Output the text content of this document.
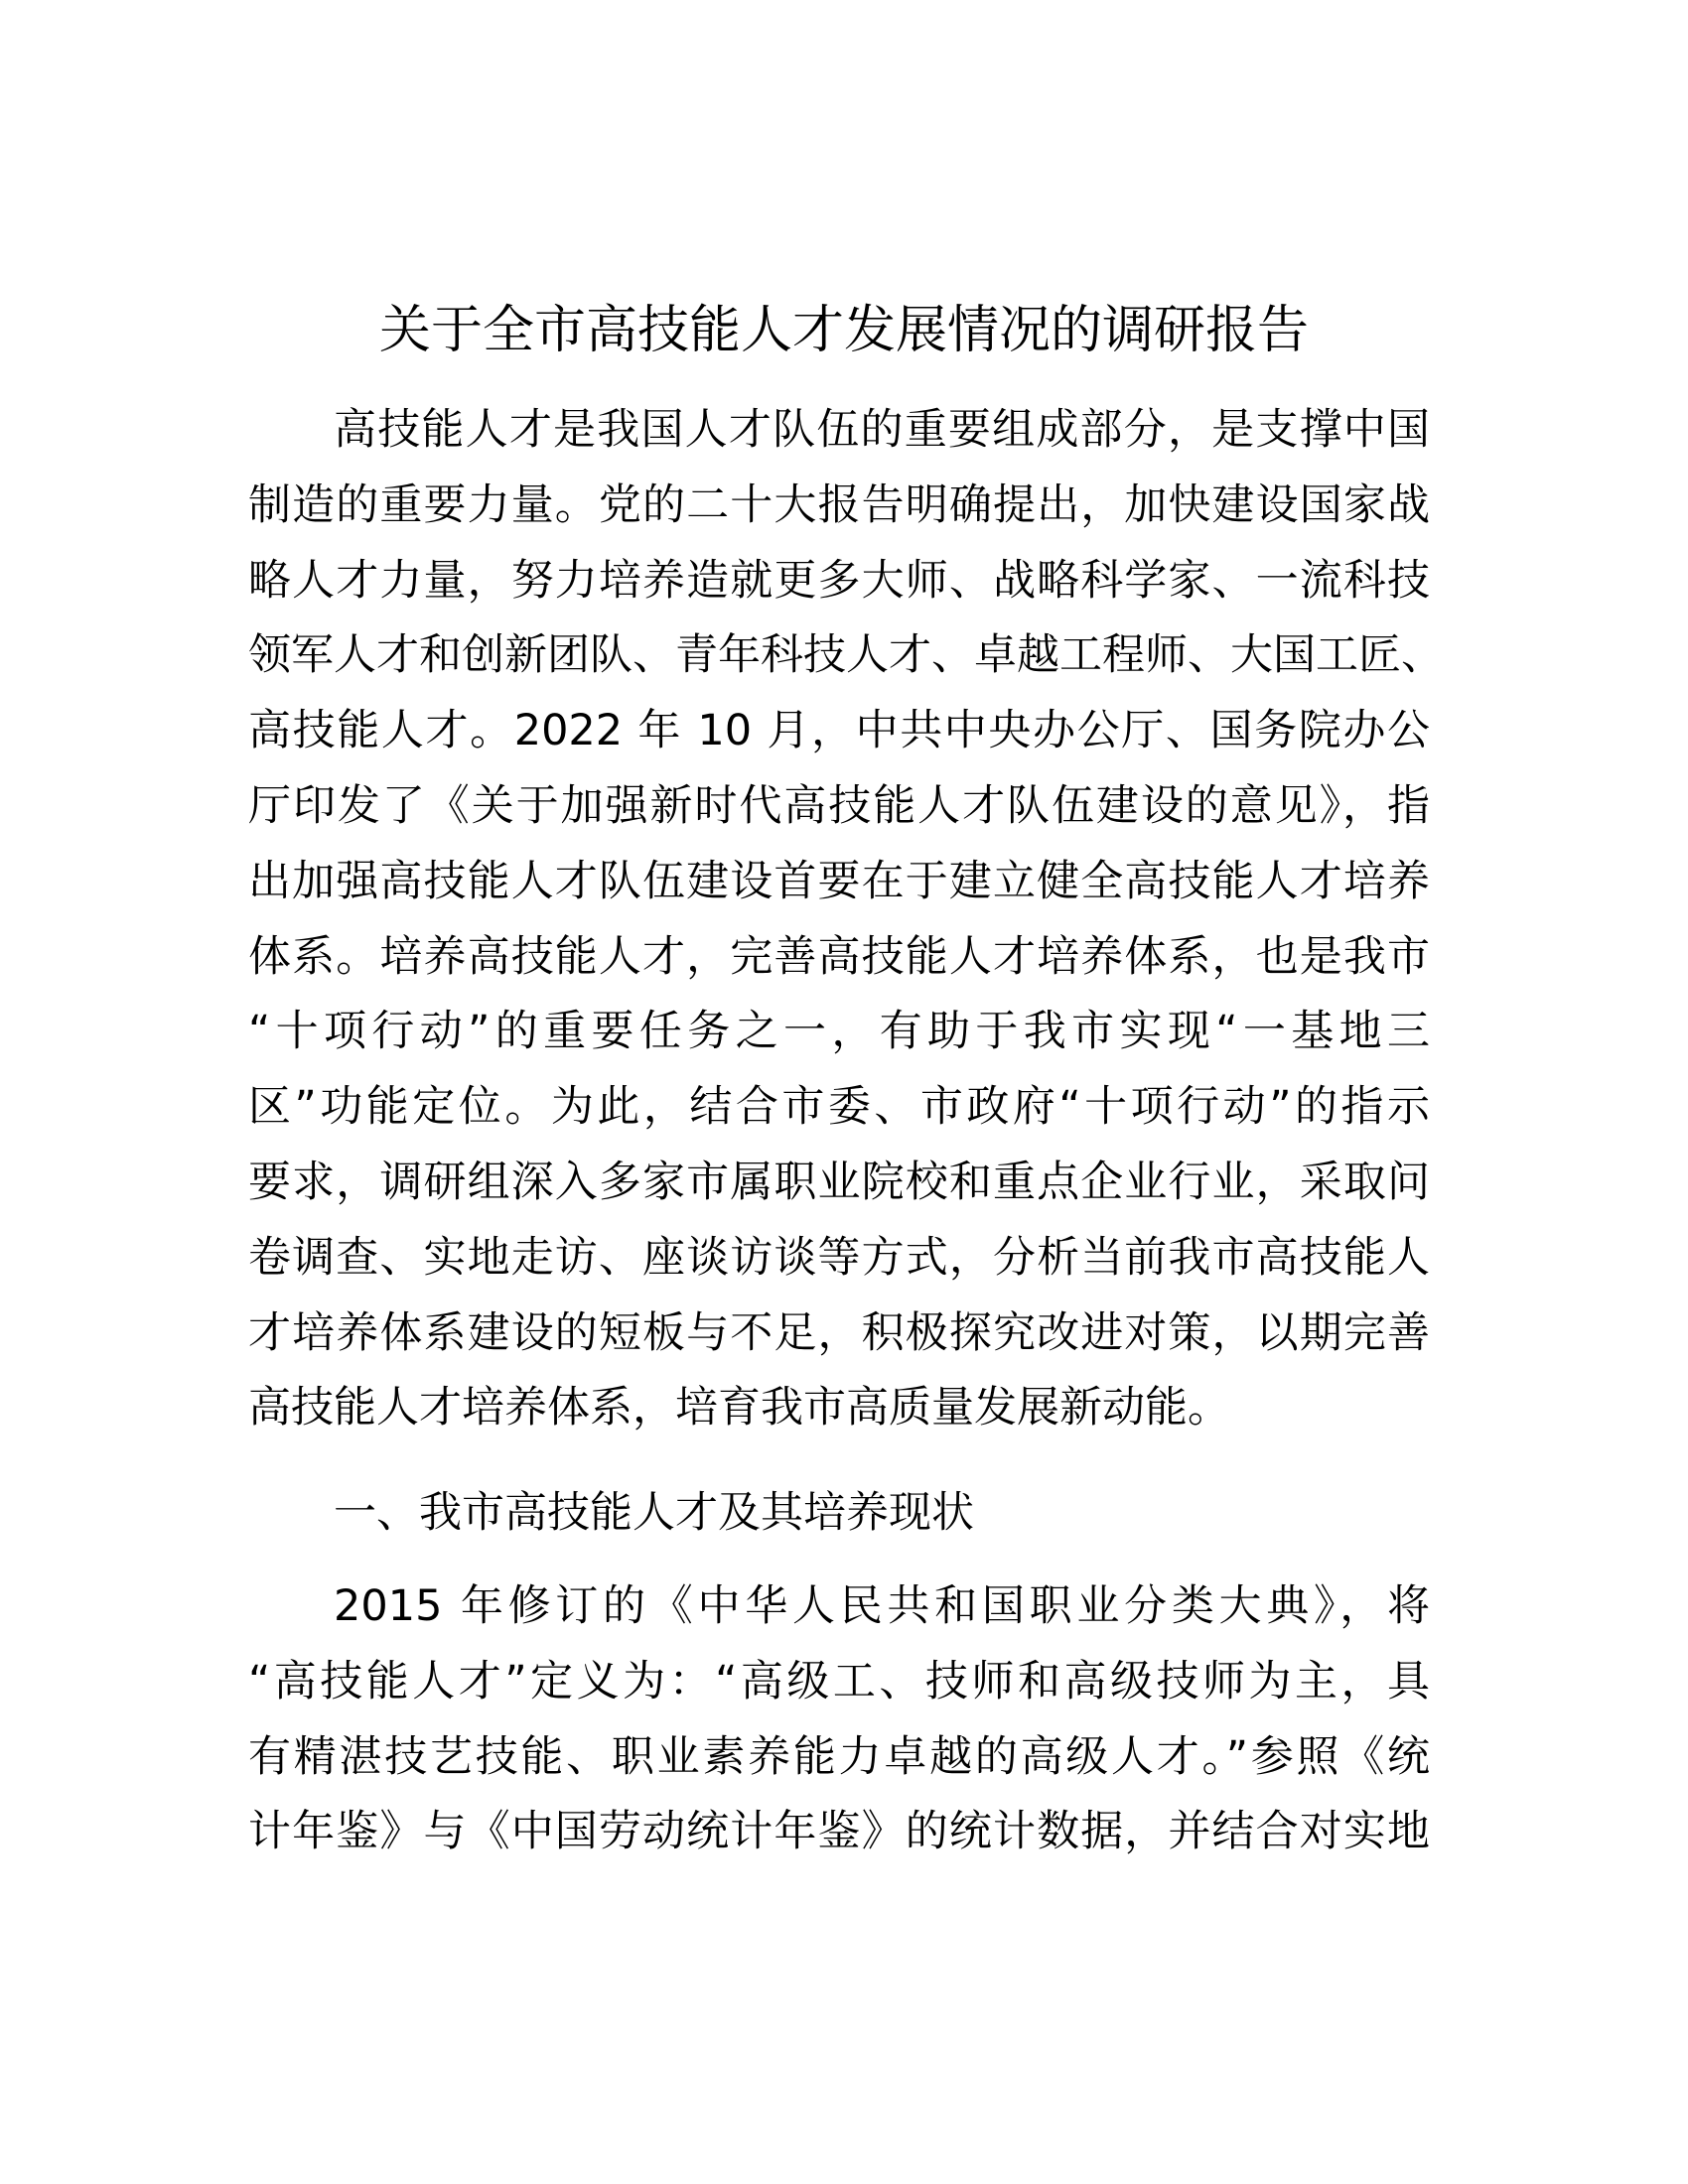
关于全市高技能人才发展情况的调研报告
高技能人才是我国人才队伍的重要组成部分，是支撑中国
制造的重要力量。党的二十大报告明确提出，加快建设国家战
略人才力量，努力培养造就更多大师、战略科学家、一流科技
领军人才和创新团队、青年科技人才、卓越工程师、大国工匠、
高技能人才。2022 年 10 月，中共中央办公厅、国务院办公
厅印发了《关于加强新时代高技能人才队伍建设的意见》，指
出加强高技能人才队伍建设首要在于建立健全高技能人才培养
体系。培养高技能人才，完善高技能人才培养体系，也是我市
“十项行动”的重要任务之一，有助于我市实现“一基地三
区”功能定位。为此，结合市委、市政府“十项行动”的指示
要求，调研组深入多家市属职业院校和重点企业行业，采取问
卷调查、实地走访、座谈访谈等方式，分析当前我市高技能人
才培养体系建设的短板与不足，积极探究改进对策，以期完善
高技能人才培养体系，培育我市高质量发展新动能。
一、我市高技能人才及其培养现状
2015 年修订的《中华人民共和国职业分类大典》，将
“高技能人才”定义为：“高级工、技师和高级技师为主，具
有精湛技艺技能、职业素养能力卓越的高级人才。”参照《统
计年鉴》与《中国劳动统计年鉴》的统计数据，并结合对实地
